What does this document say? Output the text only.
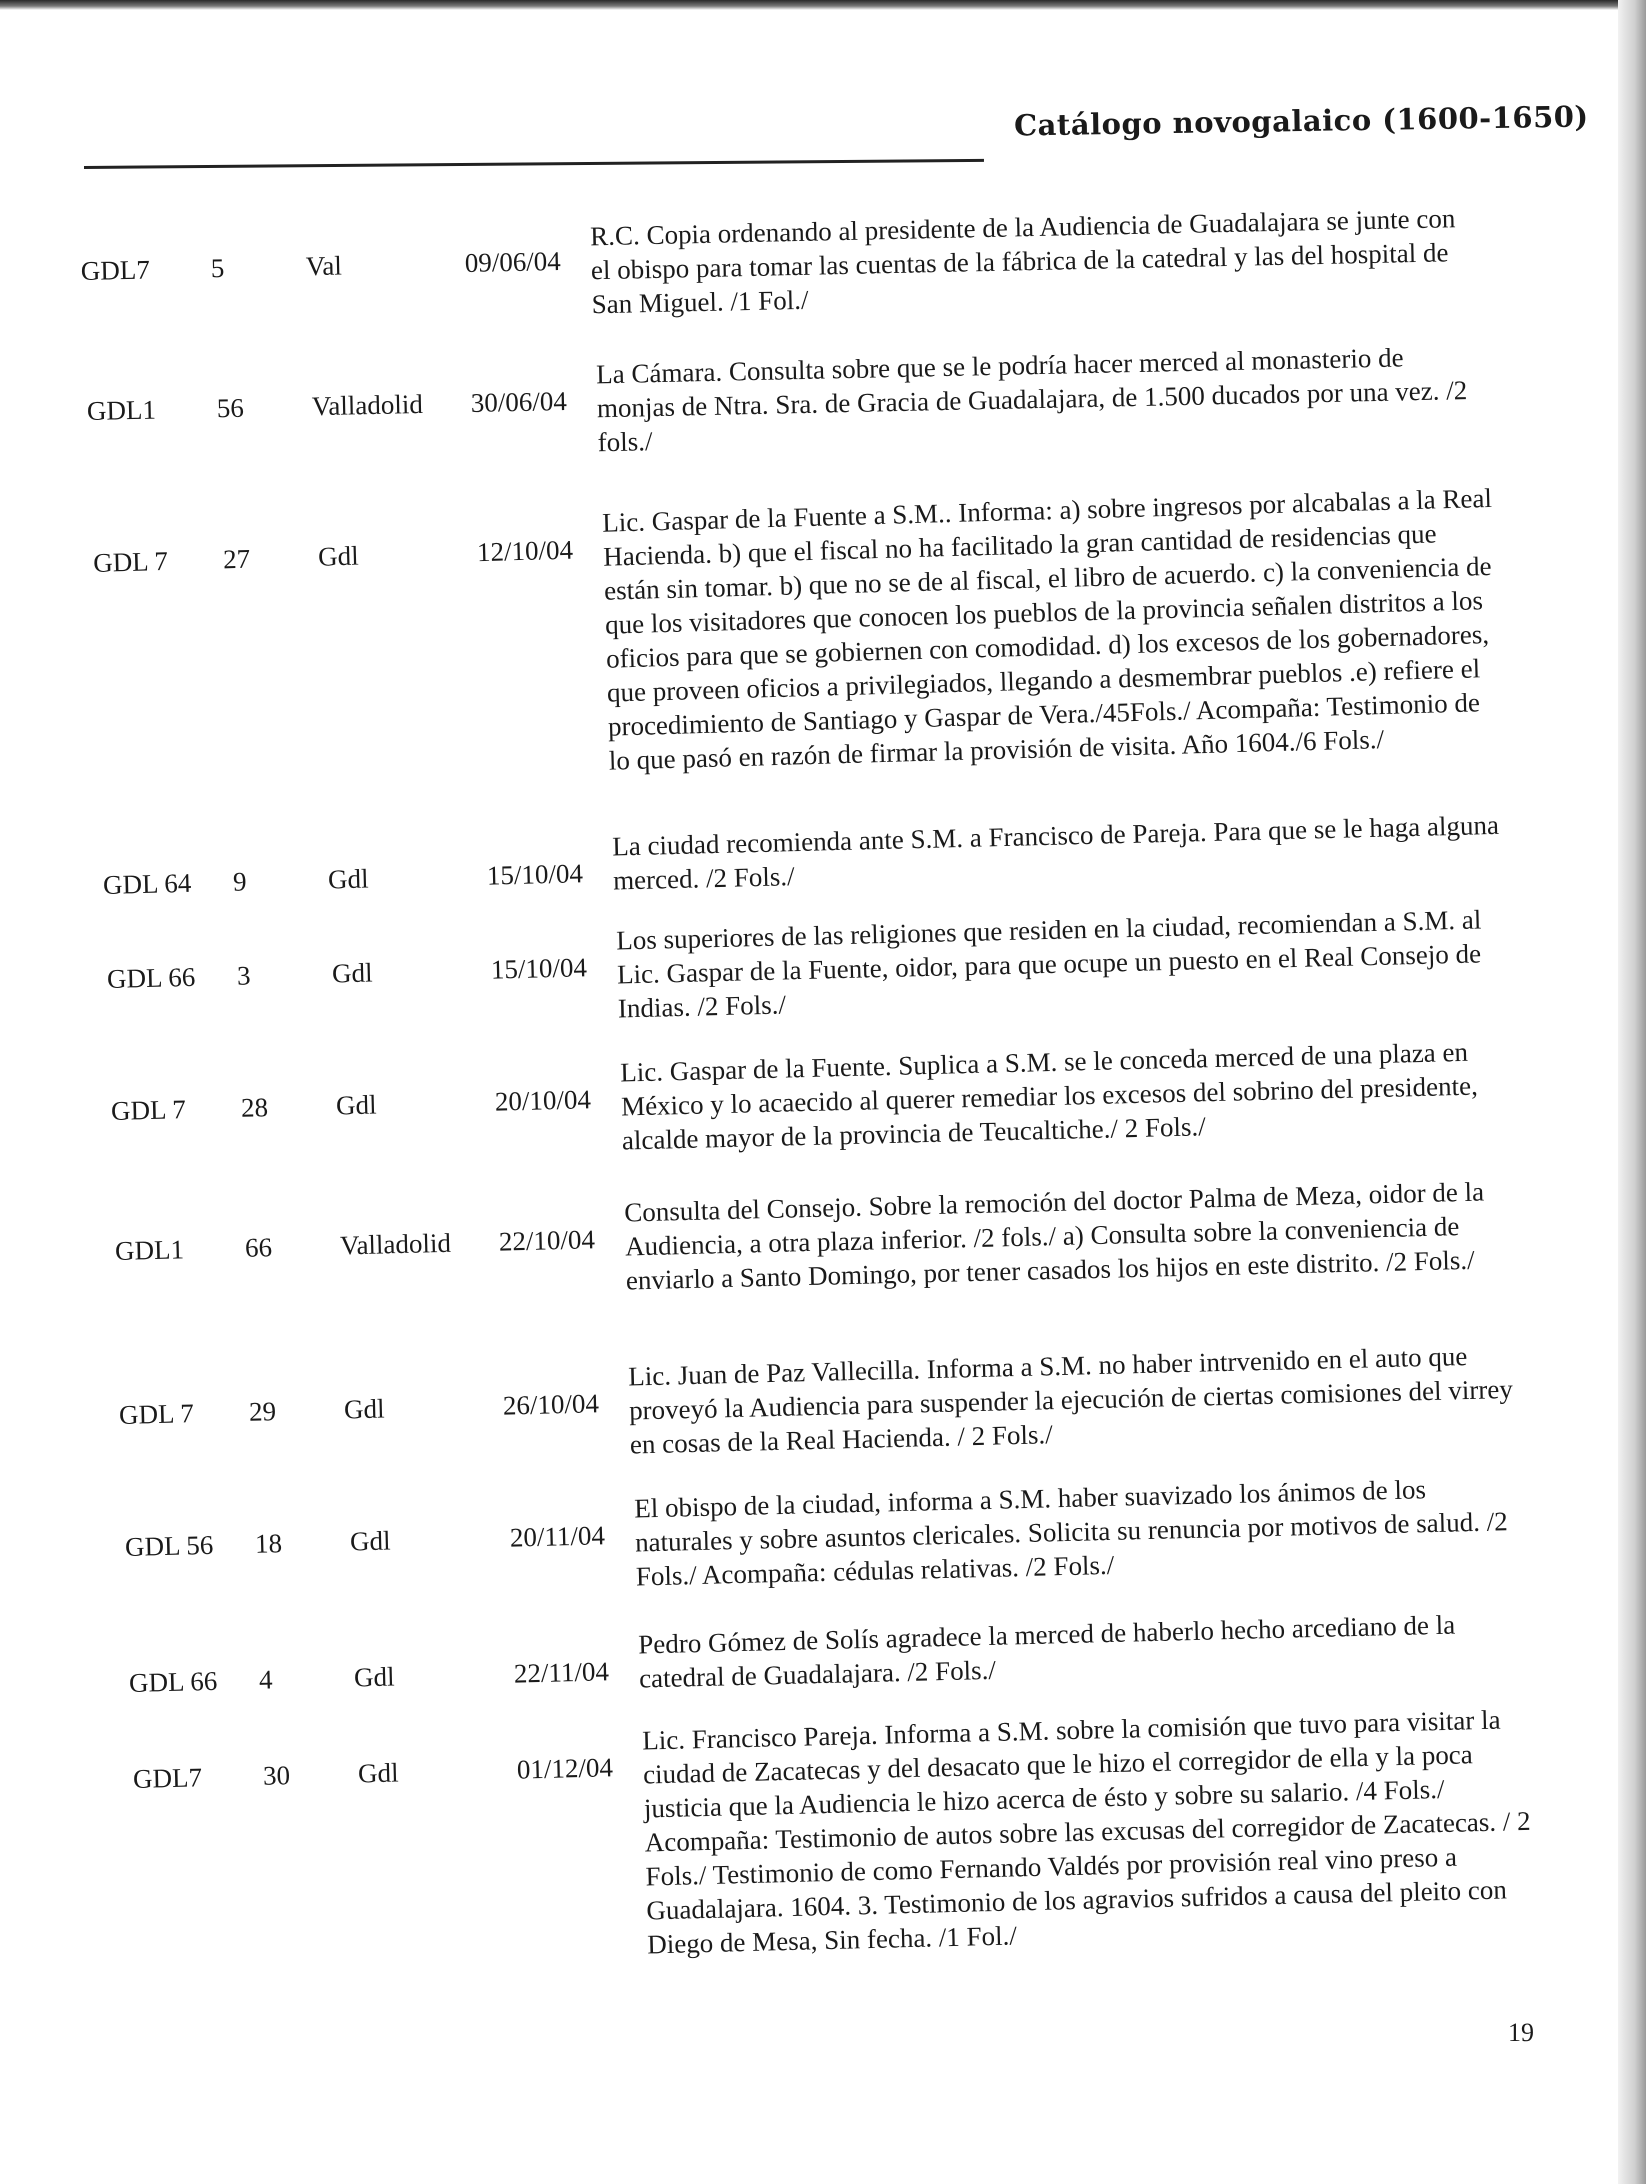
Catálogo novogalaico (1600-1650)
GDL7	5	Val	09/06/04
R.C. Copia ordenando al presidente de la Audiencia de Guadalajara se junte con el obispo para tomar las cuentas de la fábrica de la catedral y las del hospital de San Miguel. /1 Fol./
GDL1	56	Valladolid	30/06/04
La Cámara. Consulta sobre que se le podría hacer merced al monasterio de monjas de Ntra. Sra. de Gracia de Guadalajara, de 1.500 ducados por una vez. /2 fols./
GDL 7	27	Gdl	12/10/04
Lic. Gaspar de la Fuente a S.M.. Informa: a) sobre ingresos por alcabalas a la Real Hacienda. b) que el fiscal no ha facilitado la gran cantidad de residencias que están sin tomar. b) que no se de al fiscal, el libro de acuerdo. c) la conveniencia de que los visitadores que conocen los pueblos de la provincia señalen distritos a los oficios para que se gobiernen con comodidad. d) los excesos de los gobernadores, que proveen oficios a privilegiados, llegando a desmembrar pueblos .e) refiere el procedimiento de Santiago y Gaspar de Vera./45Fols./ Acompaña: Testimonio de lo que pasó en razón de firmar la provisión de visita. Año 1604./6 Fols./
GDL 64	9	Gdl	15/10/04
La ciudad recomienda ante S.M. a Francisco de Pareja. Para que se le haga alguna merced. /2 Fols./
GDL 66	3	Gdl	15/10/04
Los superiores de las religiones que residen en la ciudad, recomiendan a S.M. al Lic. Gaspar de la Fuente, oidor, para que ocupe un puesto en el Real Consejo de Indias. /2 Fols./
GDL 7	28	Gdl	20/10/04
Lic. Gaspar de la Fuente. Suplica a S.M. se le conceda merced de una plaza en México y lo acaecido al querer remediar los excesos del sobrino del presidente, alcalde mayor de la provincia de Teucaltiche./ 2 Fols./
GDL1	66	Valladolid	22/10/04
Consulta del Consejo. Sobre la remoción del doctor Palma de Meza, oidor de la Audiencia, a otra plaza inferior. /2 fols./ a) Consulta sobre la conveniencia de enviarlo a Santo Domingo, por tener casados los hijos en este distrito. /2 Fols./
GDL 7	29	Gdl	26/10/04
Lic. Juan de Paz Vallecilla. Informa a S.M. no haber intrvenido en el auto que proveyó la Audiencia para suspender la ejecución de ciertas comisiones del virrey en cosas de la Real Hacienda. / 2 Fols./
GDL 56	18	Gdl	20/11/04
El obispo de la ciudad, informa a S.M. haber suavizado los ánimos de los naturales y sobre asuntos clericales. Solicita su renuncia por motivos de salud. /2 Fols./ Acompaña: cédulas relativas. /2 Fols./
GDL 66	4	Gdl	22/11/04
Pedro Gómez de Solís agradece la merced de haberlo hecho arcediano de la catedral de Guadalajara. /2 Fols./
GDL7	30	Gdl	01/12/04
Lic. Francisco Pareja. Informa a S.M. sobre la comisión que tuvo para visitar la ciudad de Zacatecas y del desacato que le hizo el corregidor de ella y la poca justicia que la Audiencia le hizo acerca de ésto y sobre su salario. /4 Fols./ Acompaña: Testimonio de autos sobre las excusas del corregidor de Zacatecas. / 2 Fols./ Testimonio de como Fernando Valdés por provisión real vino preso a Guadalajara. 1604. 3. Testimonio de los agravios sufridos a causa del pleito con Diego de Mesa, Sin fecha. /1 Fol./
19
